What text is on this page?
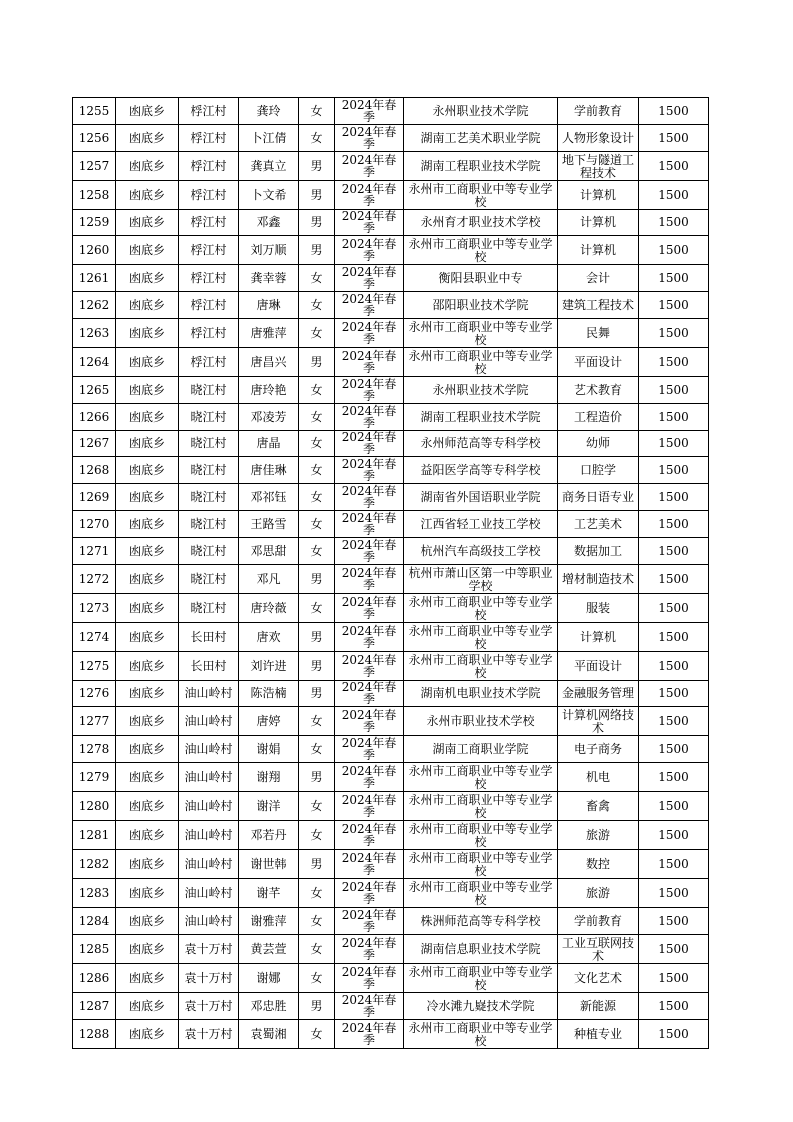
1255	凼底乡	桴江村	龚玲	女	2024年春季	永州职业技术学院	学前教育	1500
1256	凼底乡	桴江村	卜江倩	女	2024年春季	湖南工艺美术职业学院	人物形象设计	1500
1257	凼底乡	桴江村	龚真立	男	2024年春季	湖南工程职业技术学院	地下与隧道工程技术	1500
1258	凼底乡	桴江村	卜文希	男	2024年春季	永州市工商职业中等专业学校	计算机	1500
1259	凼底乡	桴江村	邓鑫	男	2024年春季	永州育才职业技术学校	计算机	1500
1260	凼底乡	桴江村	刘万顺	男	2024年春季	永州市工商职业中等专业学校	计算机	1500
1261	凼底乡	桴江村	龚幸蓉	女	2024年春季	衡阳县职业中专	会计	1500
1262	凼底乡	桴江村	唐琳	女	2024年春季	邵阳职业技术学院	建筑工程技术	1500
1263	凼底乡	桴江村	唐雅萍	女	2024年春季	永州市工商职业中等专业学校	民舞	1500
1264	凼底乡	桴江村	唐昌兴	男	2024年春季	永州市工商职业中等专业学校	平面设计	1500
1265	凼底乡	晓江村	唐玲艳	女	2024年春季	永州职业技术学院	艺术教育	1500
1266	凼底乡	晓江村	邓凌芳	女	2024年春季	湖南工程职业技术学院	工程造价	1500
1267	凼底乡	晓江村	唐晶	女	2024年春季	永州师范高等专科学校	幼师	1500
1268	凼底乡	晓江村	唐佳琳	女	2024年春季	益阳医学高等专科学校	口腔学	1500
1269	凼底乡	晓江村	邓祁钰	女	2024年春季	湖南省外国语职业学院	商务日语专业	1500
1270	凼底乡	晓江村	王路雪	女	2024年春季	江西省轻工业技工学校	工艺美术	1500
1271	凼底乡	晓江村	邓思甜	女	2024年春季	杭州汽车高级技工学校	数据加工	1500
1272	凼底乡	晓江村	邓凡	男	2024年春季	杭州市萧山区第一中等职业学校	增材制造技术	1500
1273	凼底乡	晓江村	唐玲薇	女	2024年春季	永州市工商职业中等专业学校	服装	1500
1274	凼底乡	长田村	唐欢	男	2024年春季	永州市工商职业中等专业学校	计算机	1500
1275	凼底乡	长田村	刘许进	男	2024年春季	永州市工商职业中等专业学校	平面设计	1500
1276	凼底乡	油山岭村	陈浩楠	男	2024年春季	湖南机电职业技术学院	金融服务管理	1500
1277	凼底乡	油山岭村	唐婷	女	2024年春季	永州市职业技术学校	计算机网络技术	1500
1278	凼底乡	油山岭村	谢娟	女	2024年春季	湖南工商职业学院	电子商务	1500
1279	凼底乡	油山岭村	谢翔	男	2024年春季	永州市工商职业中等专业学校	机电	1500
1280	凼底乡	油山岭村	谢洋	女	2024年春季	永州市工商职业中等专业学校	畜禽	1500
1281	凼底乡	油山岭村	邓若丹	女	2024年春季	永州市工商职业中等专业学校	旅游	1500
1282	凼底乡	油山岭村	谢世韩	男	2024年春季	永州市工商职业中等专业学校	数控	1500
1283	凼底乡	油山岭村	谢芊	女	2024年春季	永州市工商职业中等专业学校	旅游	1500
1284	凼底乡	油山岭村	谢雅萍	女	2024年春季	株洲师范高等专科学校	学前教育	1500
1285	凼底乡	袁十万村	黄芸萱	女	2024年春季	湖南信息职业技术学院	工业互联网技术	1500
1286	凼底乡	袁十万村	谢娜	女	2024年春季	永州市工商职业中等专业学校	文化艺术	1500
1287	凼底乡	袁十万村	邓忠胜	男	2024年春季	冷水滩九嶷技术学院	新能源	1500
1288	凼底乡	袁十万村	袁蜀湘	女	2024年春季	永州市工商职业中等专业学校	种植专业	1500
